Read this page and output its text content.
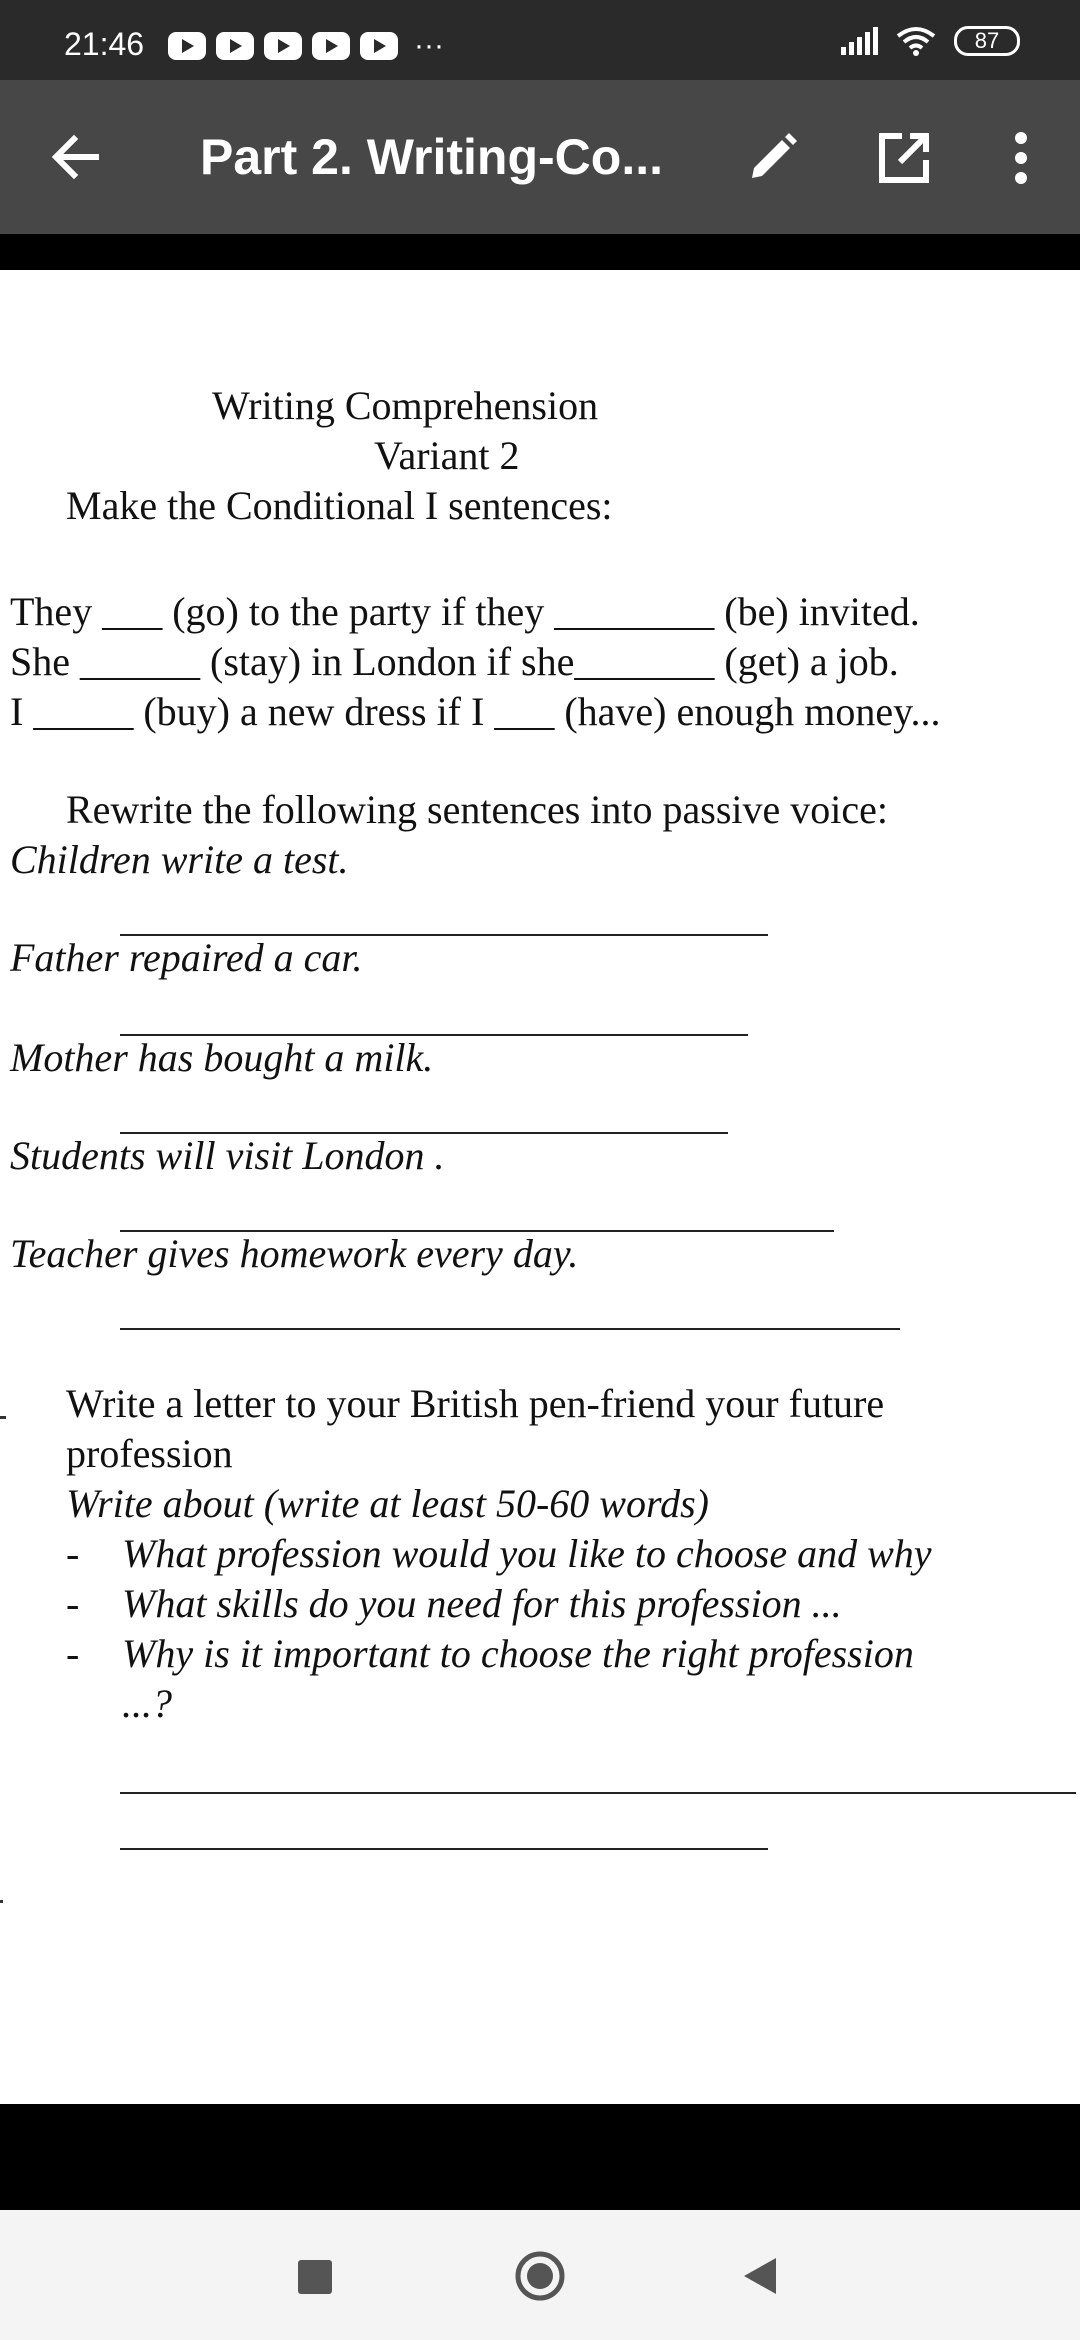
21:46	···	87
Part 2. Writing-Co...
Writing Comprehension
Variant 2
Make the Conditional I sentences:
They ___ (go) to the party if they ________ (be) invited.
She ______ (stay) in London if she_______ (get) a job.
I _____ (buy) a new dress if I ___ (have) enough money...
Rewrite the following sentences into passive voice:
Children write a test.
Father repaired a car.
Mother has bought a milk.
Students will visit London .
Teacher gives homework every day.
Write a letter to your British pen-friend your future
profession
Write about (write at least 50-60 words)
- What profession would you like to choose and why
- What skills do you need for this profession ...
- Why is it important to choose the right profession
...?
